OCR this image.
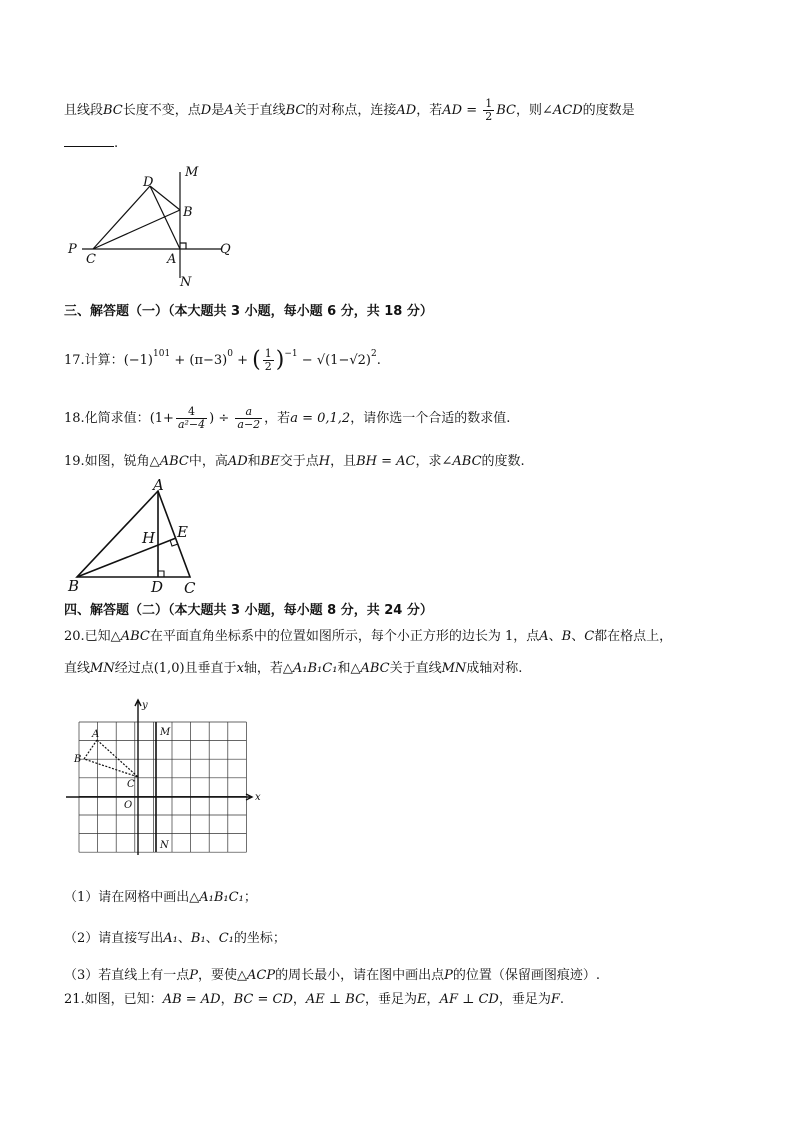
且线段BC长度不变，点D是A关于直线BC的对称点，连接AD，若AD = $\frac{1}{2}$ BC，则∠ACD的度数是
.
M
D
B
P
C	A
Q
N
三、解答题（一）（本大题共 3 小题，每小题 6 分，共 18 分）
17.计算：$(-1)^{101} + (\pi-3)^0$ + ( $\frac{1}{2} )^{-1} - √(1-√2)^2$.
18.化简求值：($1+ \frac{4}{\text{a²−4}}$ ) ÷ $\frac{a}{a-2}$ ，若a = 0,1,2，请你选一个合适的数求值.
19.如图，锐角△ABC中，高AD和BE交于点H，且BH = AC，求∠ABC的度数.
A
H E
B	D C
四、解答题（二）（本大题共 3 小题，每小题 8 分，共 24 分）
20.已知△ABC在平面直角坐标系中的位置如图所示，每个小正方形的边长为 1，点A、B、C都在格点上，
直线MN经过点(1,0)且垂直于x轴，若△A₁B₁C₁和△ABC关于直线MN成轴对称.
y
x
A
B
C
O
M
N
（1）请在网格中画出△A₁B₁C₁；
（2）请直接写出A₁、B₁、C₁的坐标；
（3）若直线上有一点P，要使△ACP的周长最小，请在图中画出点P的位置（保留画图痕迹）.
21.如图，已知：AB = AD，BC = CD，AE ⊥ BC，垂足为E，AF ⊥ CD，垂足为F.
